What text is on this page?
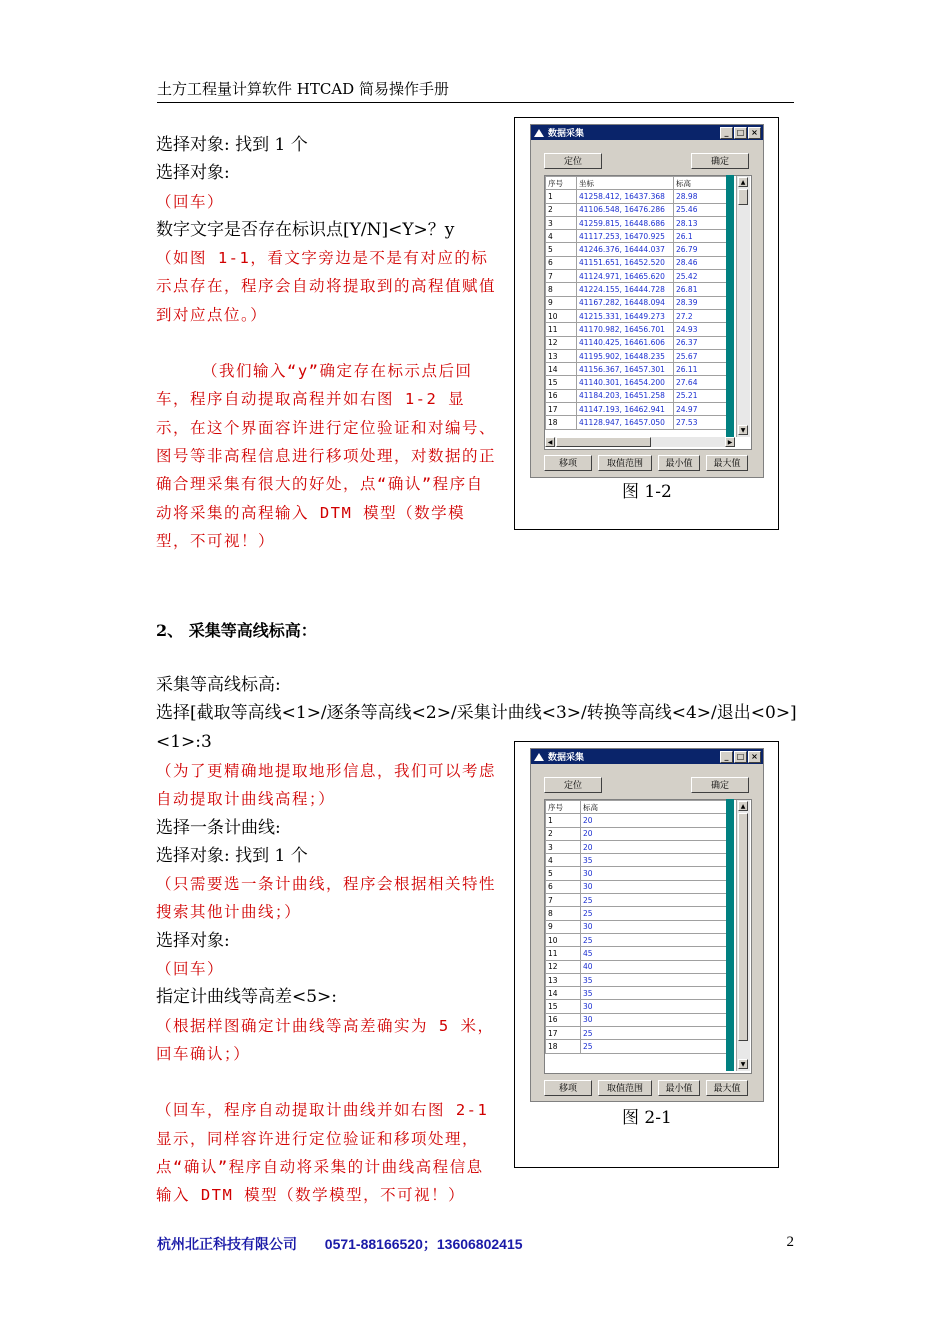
土方工程量计算软件 HTCAD 简易操作手册
选择对象: 找到 1 个
选择对象:
（回车）
数字文字是否存在标识点[Y/N]<Y>？y
（如图 1-1，看文字旁边是不是有对应的标示点存在，程序会自动将提取到的高程值赋值到对应点位。）
（我们输入“y”确定存在标示点后回车，程序自动提取高程并如右图 1-2 显示，在这个界面容许进行定位验证和对编号、图号等非高程信息进行移项处理，对数据的正确合理采集有很大的好处，点“确认”程序自动将采集的高程输入 DTM 模型（数学模型，不可视！）
数据采集	_	□ ×
定位	确定
序号	坐标	标高
1	41258.412, 16437.368	28.98
2	41106.548, 16476.286	25.46
3	41259.815, 16448.686	28.13
4	41117.253, 16470.925	26.1
5	41246.376, 16444.037	26.79
6	41151.651, 16452.520	28.46
7	41124.971, 16465.620	25.42
8	41224.155, 16444.728	26.81
9	41167.282, 16448.094	28.39
10	41215.331, 16449.273	27.2
11	41170.982, 16456.701	24.93
12	41140.425, 16461.606	26.37
13	41195.902, 16448.235	25.67
14	41156.367, 16457.301	26.11
15	41140.301, 16454.200	27.64
16	41184.203, 16451.258	25.21
17	41147.193, 16462.941	24.97
18	41128.947, 16457.050	27.53
▲
▼
◀	▶
移项	取值范围	最小值	最大值
图 1-2
2、 采集等高线标高：
采集等高线标高:
选择[截取等高线<1>/逐条等高线<2>/采集计曲线<3>/转换等高线<4>/退出<0>]<1>:3
（为了更精确地提取地形信息，我们可以考虑自动提取计曲线高程；）
选择一条计曲线:
选择对象: 找到 1 个
（只需要选一条计曲线，程序会根据相关特性搜索其他计曲线；）
选择对象:
（回车）
指定计曲线等高差<5>:
（根据样图确定计曲线等高差确实为 5 米，回车确认；）
（回车，程序自动提取计曲线并如右图 2-1 显示，同样容许进行定位验证和移项处理，点“确认”程序自动将采集的计曲线高程信息输入 DTM 模型（数学模型，不可视！）
数据采集	_	□ ×
定位	确定
序号	标高
1	20
2	20
3	20
4	35
5	30
6	30
7	25
8	25
9	30
10	25
11	45
12	40
13	35
14	35
15	30
16	30
17	25
18	25
▲
▼
移项	取值范围	最小值	最大值
图 2-1
杭州北正科技有限公司 0571-88166520；13606802415	2
